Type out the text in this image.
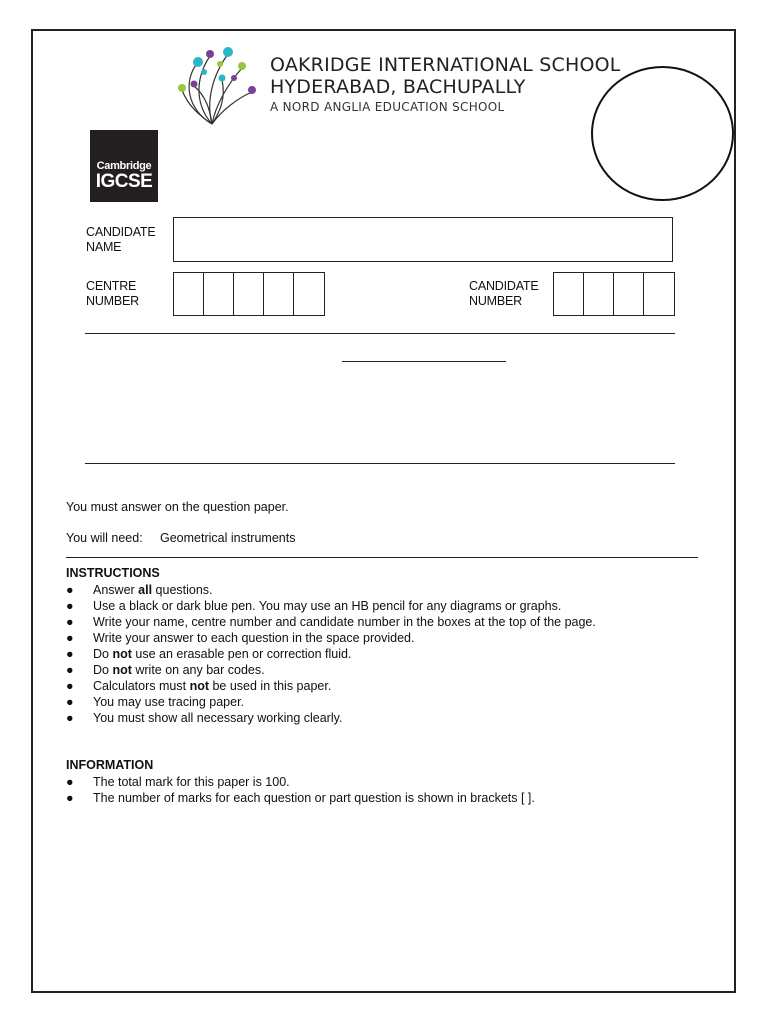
OAKRIDGE INTERNATIONAL SCHOOL
HYDERABAD, BACHUPALLY
A NORD ANGLIA EDUCATION SCHOOL
Cambridge
IGCSE
CANDIDATE
NAME
CENTRE
NUMBER
CANDIDATE
NUMBER
You must answer on the question paper.
You will need: Geometrical instruments
INSTRUCTIONS
●	Answer all questions.
●	Use a black or dark blue pen. You may use an HB pencil for any diagrams or graphs.
●	Write your name, centre number and candidate number in the boxes at the top of the page.
●	Write your answer to each question in the space provided.
●	Do not use an erasable pen or correction fluid.
●	Do not write on any bar codes.
●	Calculators must not be used in this paper.
●	You may use tracing paper.
●	You must show all necessary working clearly.
INFORMATION
●	The total mark for this paper is 100.
●	The number of marks for each question or part question is shown in brackets [ ].
